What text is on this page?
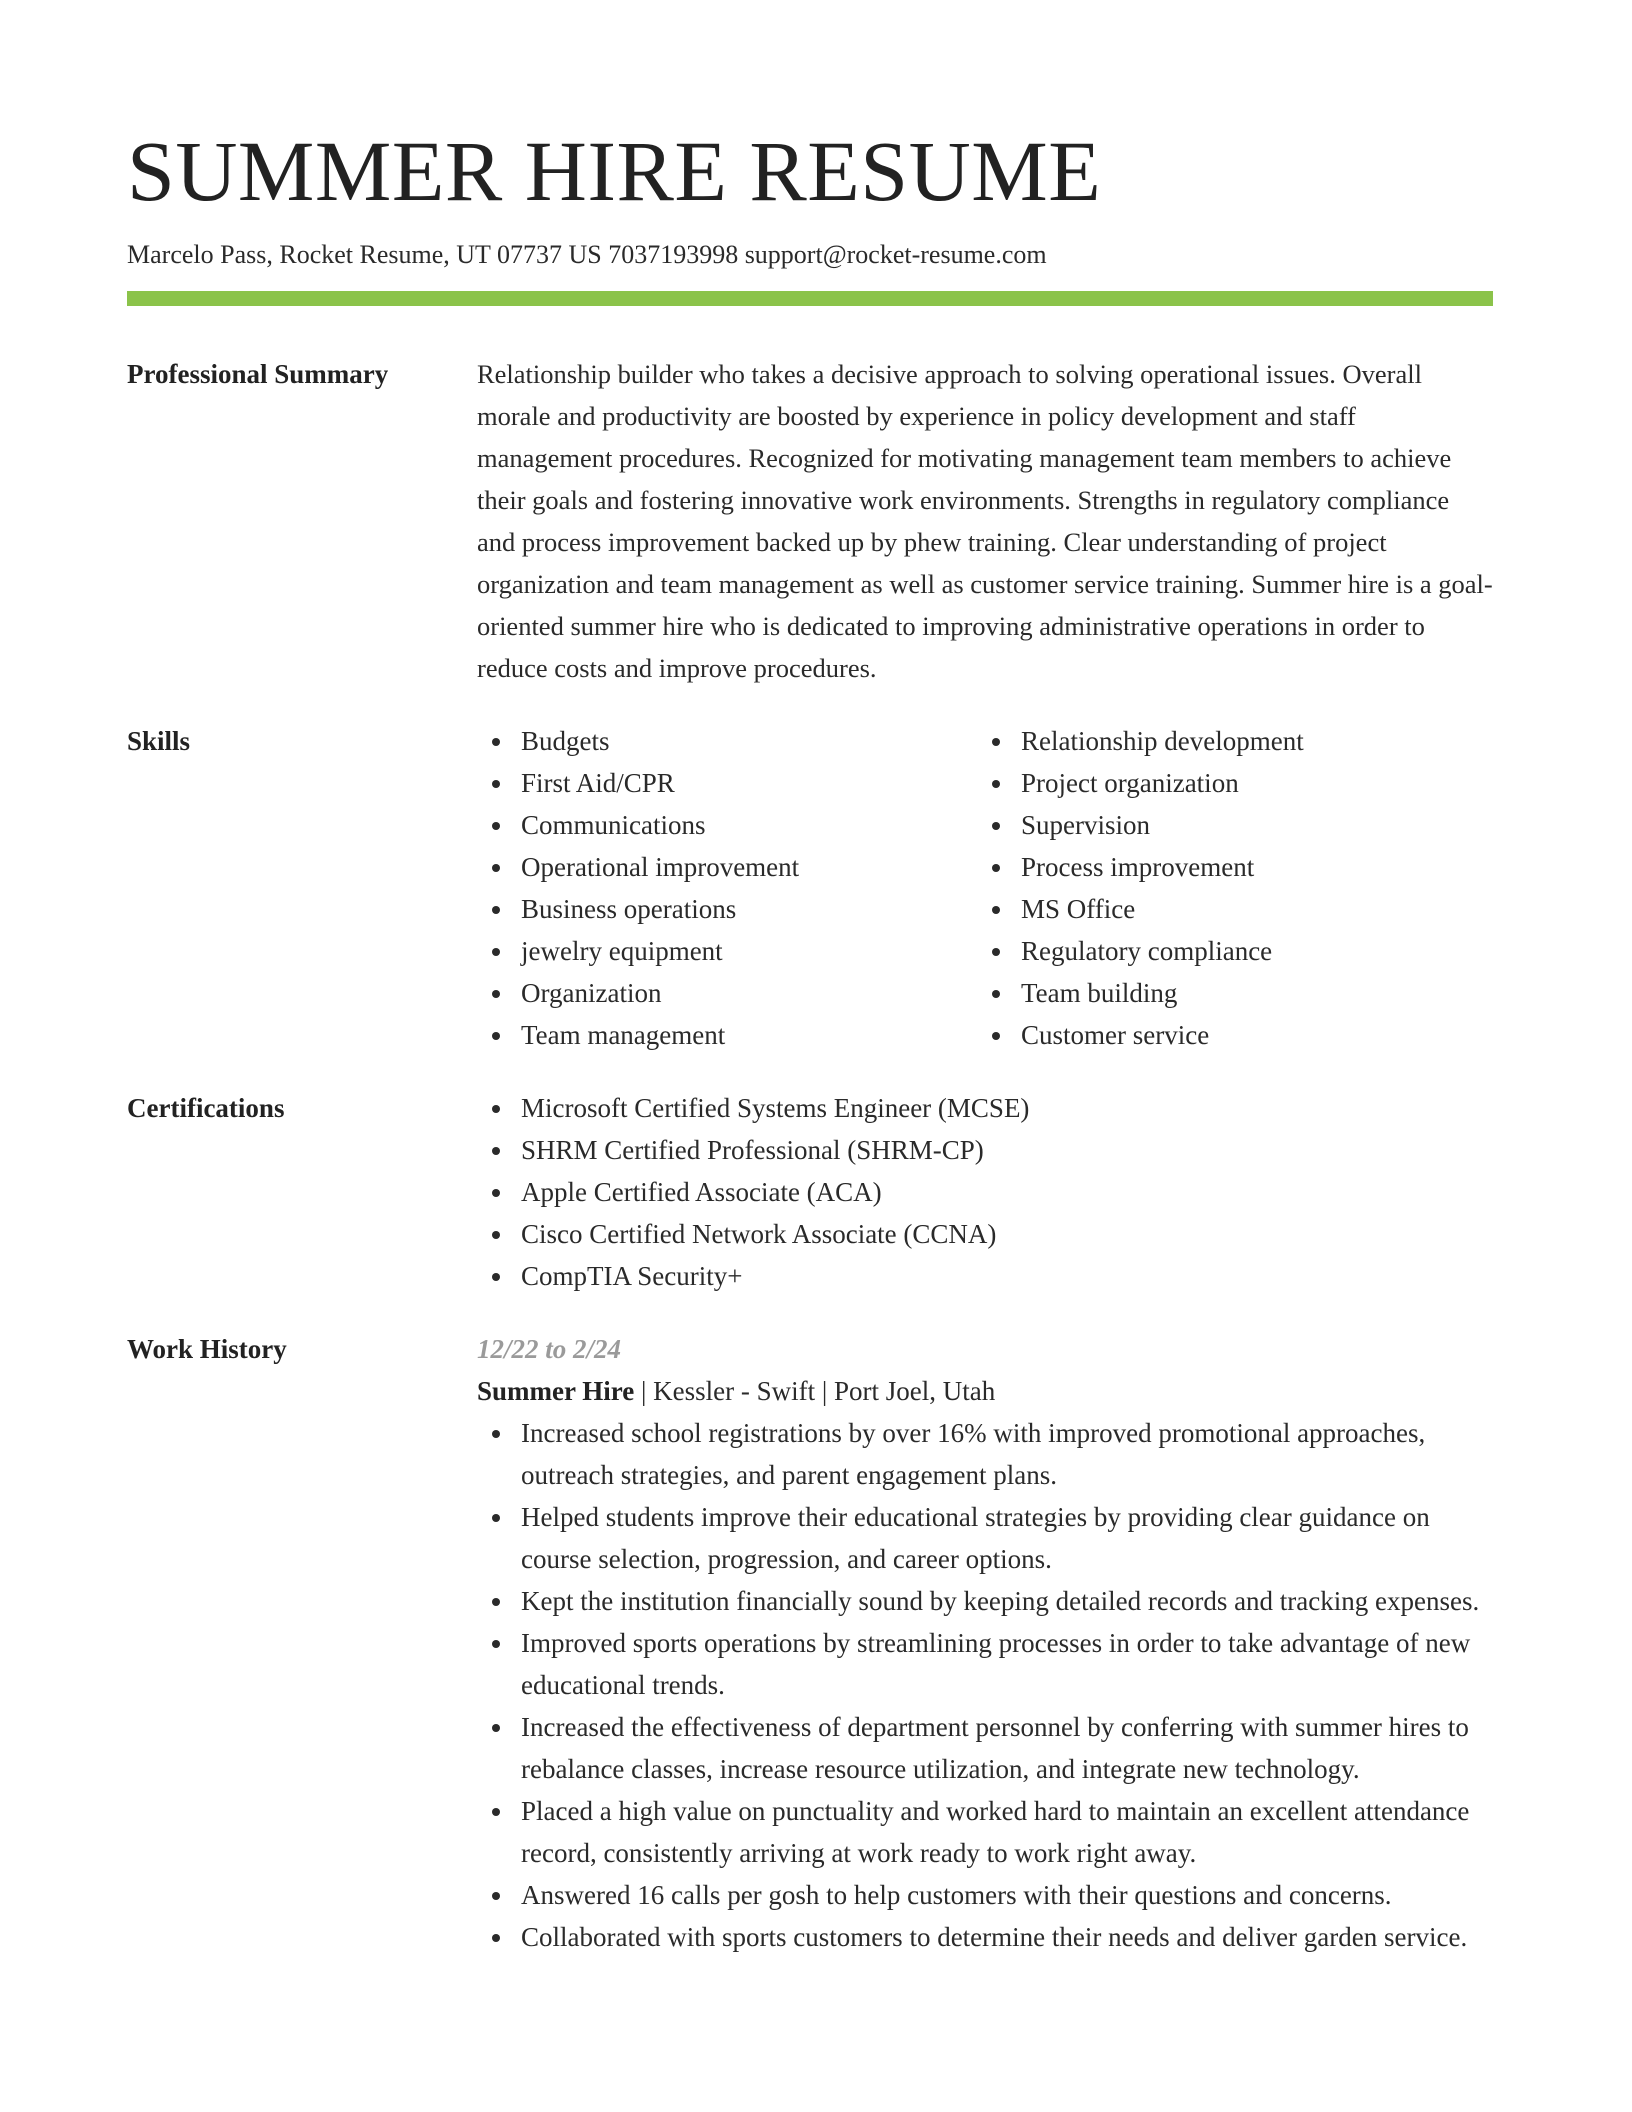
SUMMER HIRE RESUME
Marcelo Pass, Rocket Resume, UT 07737 US 7037193998 support@rocket-resume.com
Professional Summary	Relationship builder who takes a decisive approach to solving operational issues. Overall morale and productivity are boosted by experience in policy development and staff management procedures. Recognized for motivating management team members to achieve their goals and fostering innovative work environments. Strengths in regulatory compliance and process improvement backed up by phew training. Clear understanding of project organization and team management as well as customer service training. Summer hire is a goal-oriented summer hire who is dedicated to improving administrative operations in order to reduce costs and improve procedures.

Skills	Budgets
First Aid/CPR
Communications
Operational improvement
Business operations
jewelry equipment
Organization
Team management
Relationship development
Project organization
Supervision
Process improvement
MS Office
Regulatory compliance
Team building
Customer service
Certifications	Microsoft Certified Systems Engineer (MCSE)
SHRM Certified Professional (SHRM-CP)
Apple Certified Associate (ACA)
Cisco Certified Network Associate (CCNA)
CompTIA Security+
Work History	12/22 to 2/24
Summer Hire | Kessler - Swift | Port Joel, Utah
Increased school registrations by over 16% with improved promotional approaches, outreach strategies, and parent engagement plans.
Helped students improve their educational strategies by providing clear guidance on course selection, progression, and career options.
Kept the institution financially sound by keeping detailed records and tracking expenses.
Improved sports operations by streamlining processes in order to take advantage of new educational trends.
Increased the effectiveness of department personnel by conferring with summer hires to rebalance classes, increase resource utilization, and integrate new technology.
Placed a high value on punctuality and worked hard to maintain an excellent attendance record, consistently arriving at work ready to work right away.
Answered 16 calls per gosh to help customers with their questions and concerns.
Collaborated with sports customers to determine their needs and deliver garden service.
